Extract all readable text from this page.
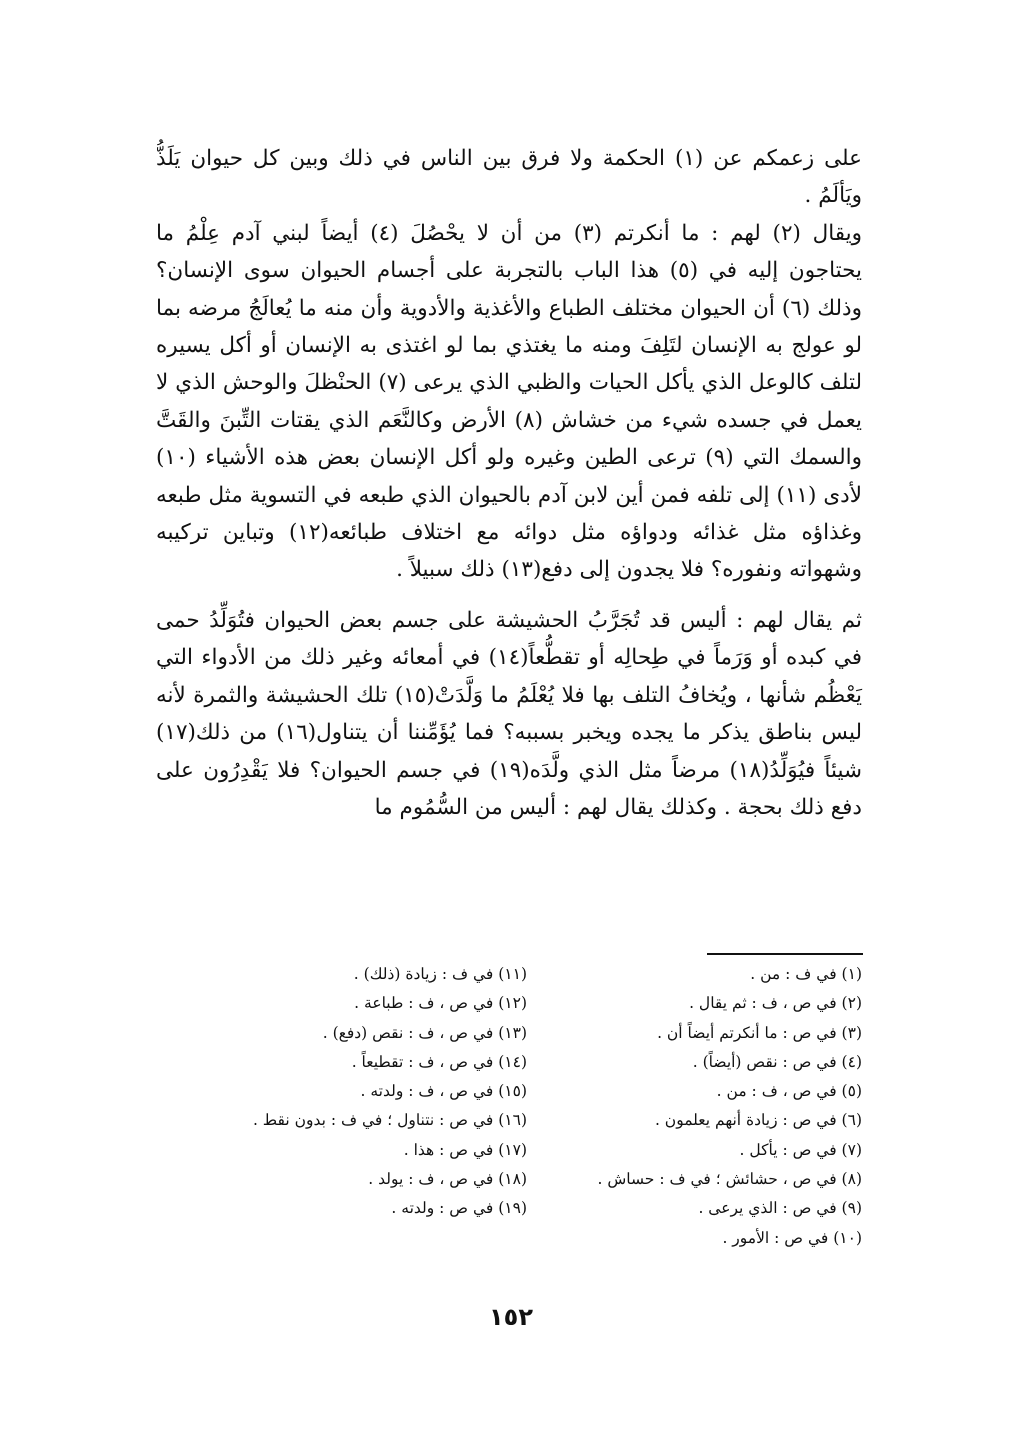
على زعمكم عن (١) الحكمة ولا فرق بين الناس في ذلك وبين كل حيوان يَلَذُّ ويَألَمُ .

ويقال (٢) لهم : ما أنكرتم (٣) من أن لا يحْصُلَ (٤) أيضاً لبني آدم عِلْمُ ما يحتاجون إليه في (٥) هذا الباب بالتجربة على أجسام الحيوان سوى الإنسان؟ وذلك (٦) أن الحيوان مختلف الطباع والأغذية والأدوية وأن منه ما يُعالَجُ مرضه بما لو عولج به الإنسان لتَلِفَ ومنه ما يغتذي بما لو اغتذى به الإنسان أو أكل يسيره لتلف كالوعل الذي يأكل الحيات والظبي الذي يرعى (٧) الحنْظلَ والوحش الذي لا يعمل في جسده شيء من خشاش (٨) الأرض وكالنَّعَم الذي يقتات التِّبنَ والقَتَّ والسمك التي (٩) ترعى الطين وغيره ولو أكل الإنسان بعض هذه الأشياء (١٠) لأدى (١١) إلى تلفه فمن أين لابن آدم بالحيوان الذي طبعه في التسوية مثل طبعه وغذاؤه مثل غذائه ودواؤه مثل دوائه مع اختلاف طبائعه(١٢) وتباين تركيبه وشهواته ونفوره؟ فلا يجدون إلى دفع(١٣) ذلك سبيلاً .

ثم يقال لهم : أليس قد تُجَرَّبُ الحشيشة على جسم بعض الحيوان فتُوَلِّدُ حمى في كبده أو وَرَماً في طِحالِه أو تقطُّعاً(١٤) في أمعائه وغير ذلك من الأدواء التي يَعْظُم شأنها ، ويُخافُ التلف بها فلا يُعْلَمُ ما وَلَّدَتْ(١٥) تلك الحشيشة والثمرة لأنه ليس بناطق يذكر ما يجده ويخبر بسببه؟ فما يُؤَمِّننا أن يتناول(١٦) من ذلك(١٧) شيئاً فيُوَلِّدُ(١٨) مرضاً مثل الذي ولَّدَه(١٩) في جسم الحيوان؟ فلا يَقْدِرُون على دفع ذلك بحجة . وكذلك يقال لهم : أليس من السُّمُوم ما

(١) في ف : من .
(٢) في ص ، ف : ثم يقال .
(٣) في ص : ما أنكرتم أيضاً أن .
(٤) في ص : نقص (أيضاً) .
(٥) في ص ، ف : من .
(٦) في ص : زيادة أنهم يعلمون .
(٧) في ص : يأكل .
(٨) في ص ، حشائش ؛ في ف : حساش .
(٩) في ص : الذي يرعى .
(١٠) في ص : الأمور .
(١١) في ف : زيادة (ذلك) .
(١٢) في ص ، ف : طباعة .
(١٣) في ص ، ف : نقص (دفع) .
(١٤) في ص ، ف : تقطيعاً .
(١٥) في ص ، ف : ولدته .
(١٦) في ص : نتناول ؛ في ف : بدون نقط .
(١٧) في ص : هذا .
(١٨) في ص ، ف : يولد .
(١٩) في ص : ولدته .
١٥٢
